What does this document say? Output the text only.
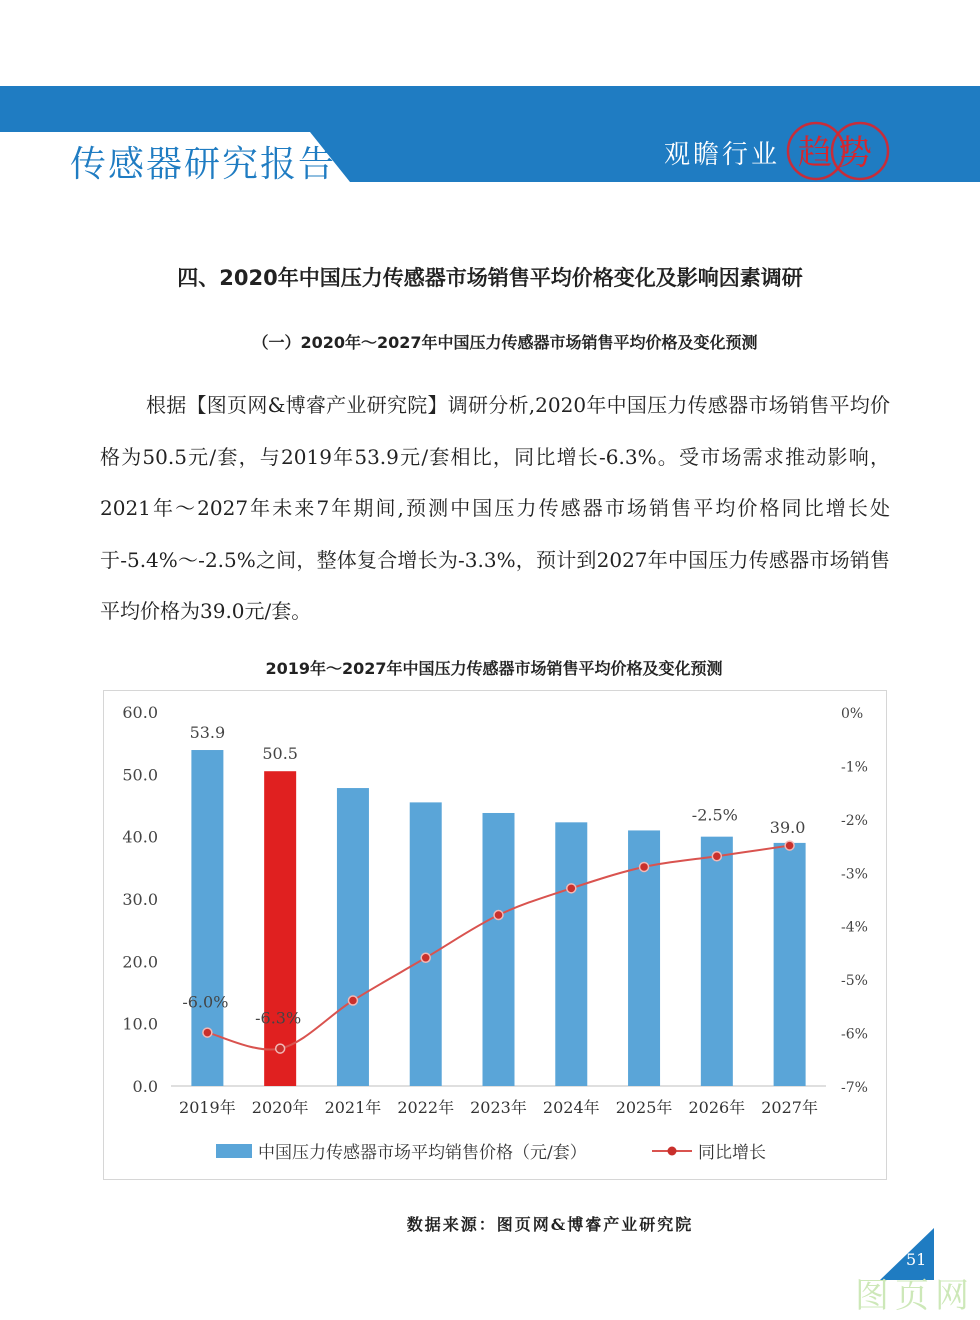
传感器研究报告	观瞻行业 趋势
四、2020年中国压力传感器市场销售平均价格变化及影响因素调研
（一）2020年～2027年中国压力传感器市场销售平均价格及变化预测
根据【图页网&博睿产业研究院】调研分析,2020年中国压力传感器市场销售平均价格为50.5元/套，与2019年53.9元/套相比，同比增长-6.3%。受市场需求推动影响，2021年～2027年未来7年期间,预测中国压力传感器市场销售平均价格同比增长处于-5.4%～-2.5%之间，整体复合增长为-3.3%，预计到2027年中国压力传感器市场销售平均价格为39.0元/套。
2019年～2027年中国压力传感器市场销售平均价格及变化预测
0.0
10.0
20.0
30.0
40.0
50.0
60.0
-7%
-6%
-5%
-4%
-3%
-2%
-1%
0%
2019年 2020年 2021年 2022年 2023年 2024年 2025年 2026年 2027年
53.9
50.5
39.0
-6.0%
-6.3%
-2.5%
中国压力传感器市场平均销售价格（元/套）	同比增长
数据来源：图页网&博睿产业研究院
51
图页网
